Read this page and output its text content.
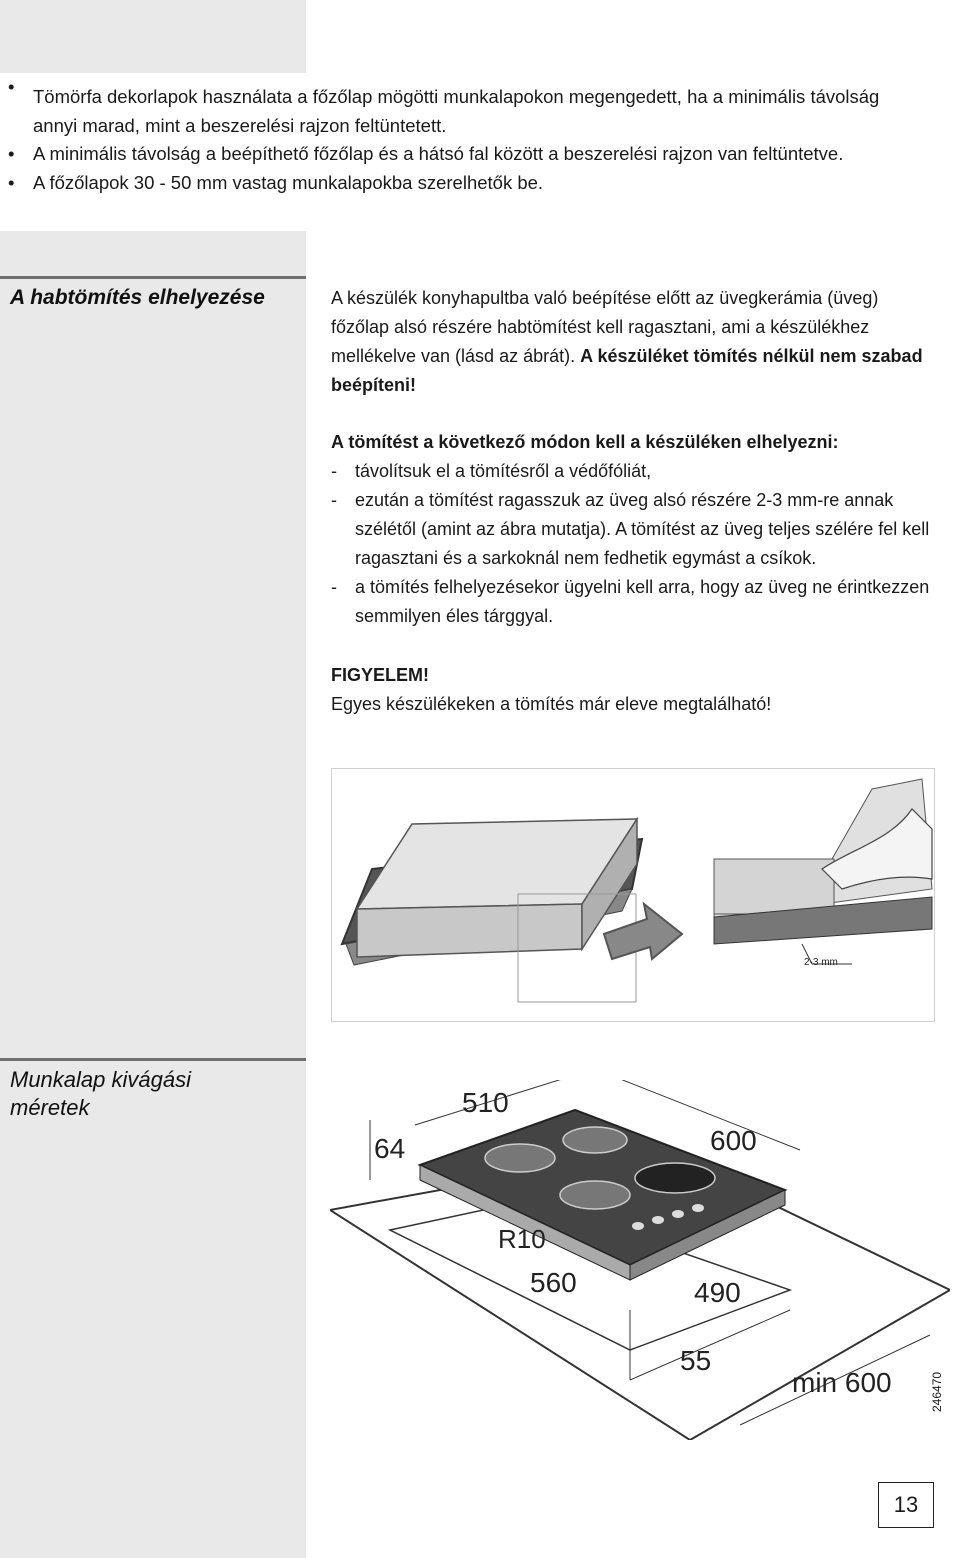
• Tömörfa dekorlapok használata a főzőlap mögötti munkalapokon megengedett, ha a minimális távolság annyi marad, mint a beszerelési rajzon feltüntetett.
• A minimális távolság a beépíthető főzőlap és a hátsó fal között a beszerelési rajzon van feltüntetve.
• A főzőlapok 30 - 50 mm vastag munkalapokba szerelhetők be.
A habtömítés elhelyezése	A készülék konyhapultba való beépítése előtt az üvegkerámia (üveg) főzőlap alsó részére habtömítést kell ragasztani, ami a készülékhez mellékelve van (lásd az ábrát). A készüléket tömítés nélkül nem szabad beépíteni!

A tömítést a következő módon kell a készüléken elhelyezni:

- távolítsuk el a tömítésről a védőfóliát,
- ezután a tömítést ragasszuk az üveg alsó részére 2-3 mm-re annak szélétől (amint az ábra mutatja). A tömítést az üveg teljes szélére fel kell ragasztani és a sarkoknál nem fedhetik egymást a csíkok.
- a tömítés felhelyezésekor ügyelni kell arra, hogy az üveg ne érintkezzen semmilyen éles tárggyal.

FIGYELEM!

Egyes készülékeken a tömítés már eleve megtalálható!

2-3 mm
Munkalap kivágási méretek	510
64	600
R10
560	490
55
min 600	246470
13
